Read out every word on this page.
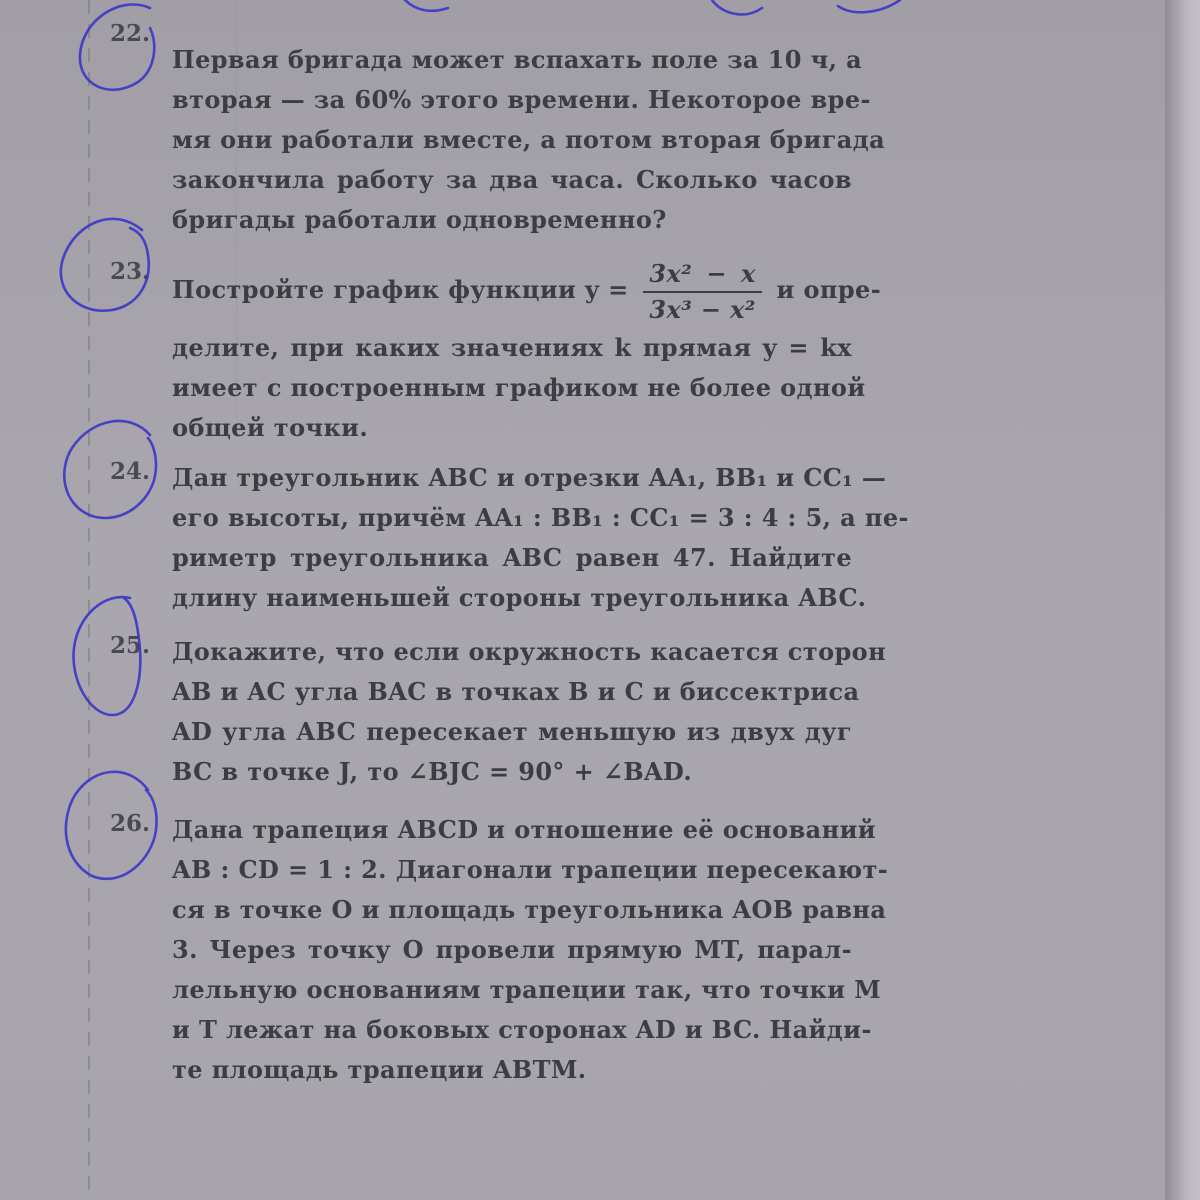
22.
Первая бригада может вспахать поле за 10 ч, а
вторая — за 60% этого времени. Некоторое вре-
мя они работали вместе, а потом вторая бригада
закончила работу за два часа. Сколько часов
бригады работали одновременно?
23.
Постройте график функции $y = \frac{\text{3x² − x}}{\text{3x³ − x²}}$ и опре-
делите, при каких значениях k прямая y = kx
имеет с построенным графиком не более одной
общей точки.
24. Дан треугольник ABC и отрезки AA₁, BB₁ и CC₁ —
его высоты, причём AA₁ : BB₁ : CC₁ = 3 : 4 : 5, а пе-
риметр треугольника ABC равен 47. Найдите
длину наименьшей стороны треугольника ABC.
25. Докажите, что если окружность касается сторон
AB и AC угла BAC в точках B и C и биссектриса
AD угла ABC пересекает меньшую из двух дуг
BC в точке J, то ∠BJC = 90° + ∠BAD.
26. Дана трапеция ABCD и отношение её оснований
AB : CD = 1 : 2. Диагонали трапеции пересекают-
ся в точке O и площадь треугольника AOB равна
3. Через точку O провели прямую MT, парал-
лельную основаниям трапеции так, что точки M
и T лежат на боковых сторонах AD и BC. Найди-
те площадь трапеции ABTM.
